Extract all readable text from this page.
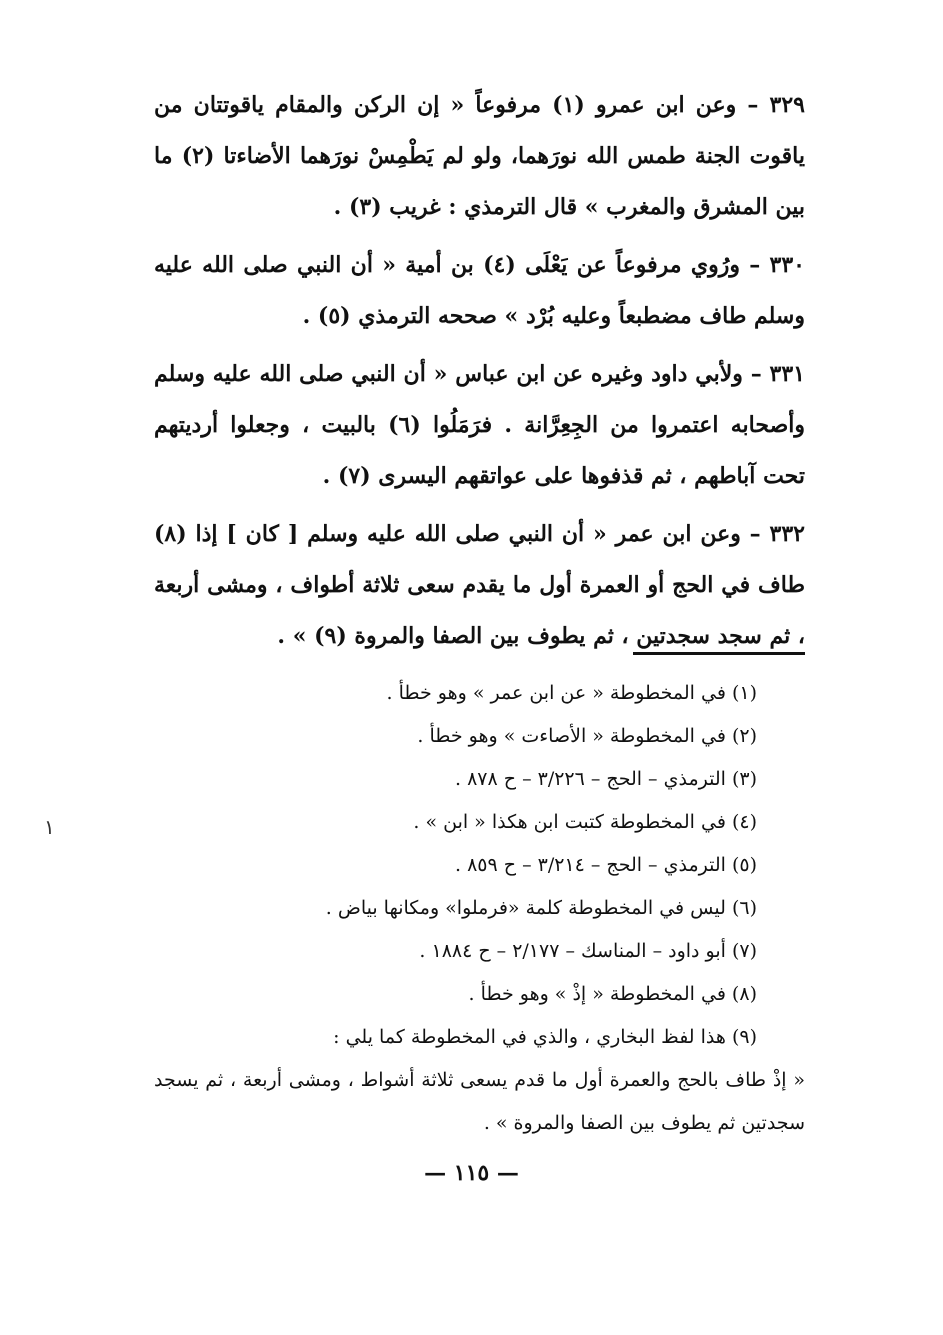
٣٢٩ – وعن ابن عمرو (١) مرفوعاً « إن الركن والمقام ياقوتتان من ياقوت الجنة طمس الله نورَهما، ولو لم يَطْمِسْ نورَهما الأضاءتا (٢) ما بين المشرق والمغرب » قال الترمذي : غريب (٣) .

٣٣٠ – ورُوي مرفوعاً عن يَعْلَى (٤) بن أمية « أن النبي صلى الله عليه وسلم طاف مضطبعاً وعليه بُرْد » صححه الترمذي (٥) .

٣٣١ – ولأبي داود وغيره عن ابن عباس « أن النبي صلى الله عليه وسلم وأصحابه اعتمروا من الجِعِرَّانة . فرَمَلُوا (٦) بالبيت ، وجعلوا أرديتهم تحت آباطهم ، ثم قذفوها على عواتقهم اليسرى (٧) .

٣٣٢ – وعن ابن عمر « أن النبي صلى الله عليه وسلم [ كان ] إذا (٨) طاف في الحج أو العمرة أول ما يقدم سعى ثلاثة أطواف ، ومشى أربعة ، ثم سجد سجدتين ، ثم يطوف بين الصفا والمروة (٩) » .

(١) في المخطوطة « عن ابن عمر » وهو خطأ .
(٢) في المخطوطة « الأصاءت » وهو خطأ .
(٣) الترمذي – الحج – ٣/٢٢٦ – ح ٨٧٨ .
(٤) في المخطوطة كتبت ابن هكذا « ابن » .
(٥) الترمذي – الحج – ٣/٢١٤ – ح ٨٥٩ .
(٦) ليس في المخطوطة كلمة «فرملوا» ومكانها بياض .
(٧) أبو داود – المناسك – ٢/١٧٧ – ح ١٨٨٤ .
(٨) في المخطوطة « إذْ » وهو خطأ .
(٩) هذا لفظ البخاري ، والذي في المخطوطة كما يلي :
« إذْ طاف بالحج والعمرة أول ما قدم يسعى ثلاثة أشواط ، ومشى أربعة ، ثم يسجد سجدتين ثم يطوف بين الصفا والمروة » .
— ١١٥ —
١
